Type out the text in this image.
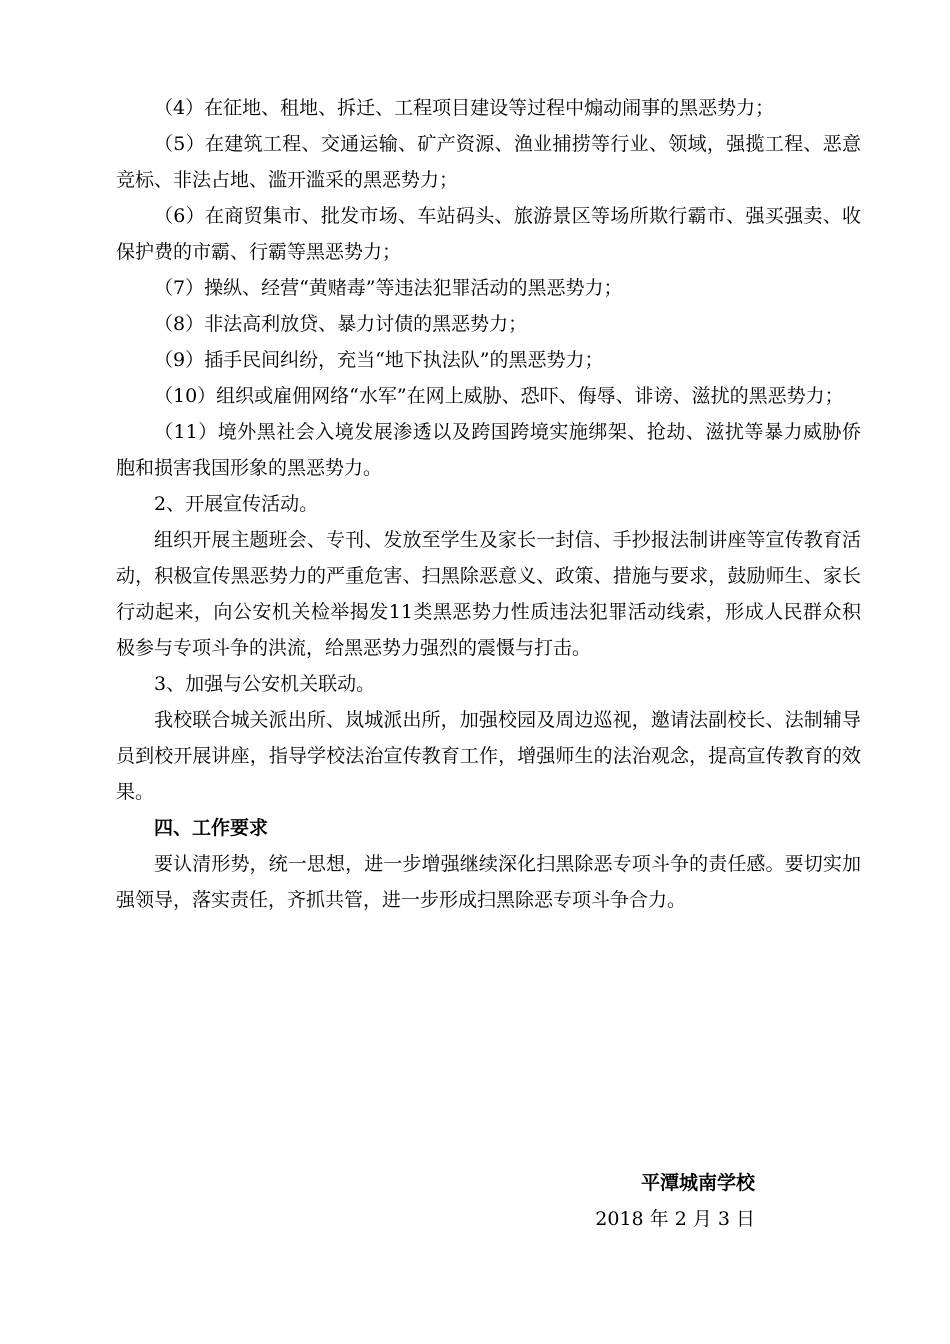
（4）在征地、租地、拆迁、工程项目建设等过程中煽动闹事的黑恶势力；

（5）在建筑工程、交通运输、矿产资源、渔业捕捞等行业、领域，强揽工程、恶意竞标、非法占地、滥开滥采的黑恶势力；

（6）在商贸集市、批发市场、车站码头、旅游景区等场所欺行霸市、强买强卖、收保护费的市霸、行霸等黑恶势力；

（7）操纵、经营“黄赌毒”等违法犯罪活动的黑恶势力；

（8）非法高利放贷、暴力讨债的黑恶势力；

（9）插手民间纠纷，充当“地下执法队”的黑恶势力；

（10）组织或雇佣网络“水军”在网上威胁、恐吓、侮辱、诽谤、滋扰的黑恶势力；

（11）境外黑社会入境发展渗透以及跨国跨境实施绑架、抢劫、滋扰等暴力威胁侨胞和损害我国形象的黑恶势力。

2、开展宣传活动。

组织开展主题班会、专刊、发放至学生及家长一封信、手抄报法制讲座等宣传教育活动，积极宣传黑恶势力的严重危害、扫黑除恶意义、政策、措施与要求，鼓励师生、家长行动起来，向公安机关检举揭发11类黑恶势力性质违法犯罪活动线索，形成人民群众积极参与专项斗争的洪流，给黑恶势力强烈的震慑与打击。

3、加强与公安机关联动。

我校联合城关派出所、岚城派出所，加强校园及周边巡视，邀请法副校长、法制辅导员到校开展讲座，指导学校法治宣传教育工作，增强师生的法治观念，提高宣传教育的效果。

四、工作要求

要认清形势，统一思想，进一步增强继续深化扫黑除恶专项斗争的责任感。要切实加强领导，落实责任，齐抓共管，进一步形成扫黑除恶专项斗争合力。

平潭城南学校

2018 年 2 月 3 日
